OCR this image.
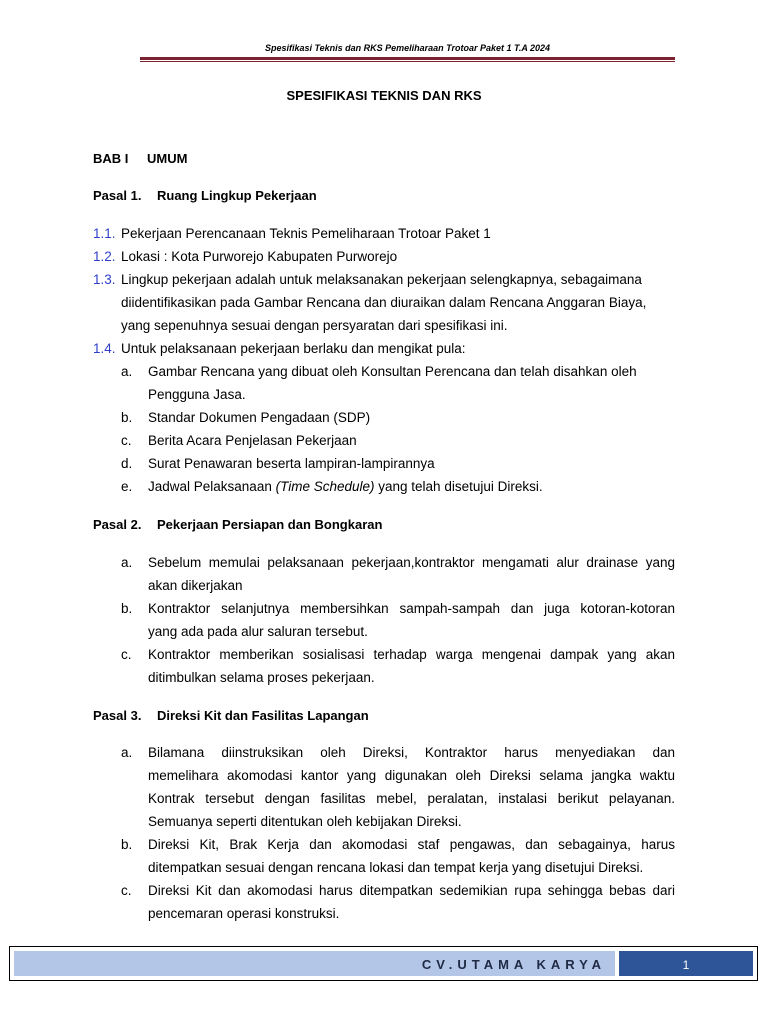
Spesifikasi Teknis dan RKS Pemeliharaan Trotoar Paket 1 T.A 2024
SPESIFIKASI TEKNIS DAN RKS
BAB I UMUM
Pasal 1. Ruang Lingkup Pekerjaan
1.1. Pekerjaan Perencanaan Teknis Pemeliharaan Trotoar Paket 1
1.2. Lokasi : Kota Purworejo Kabupaten Purworejo
1.3. Lingkup pekerjaan adalah untuk melaksanakan pekerjaan selengkapnya, sebagaimana
diidentifikasikan pada Gambar Rencana dan diuraikan dalam Rencana Anggaran Biaya,
yang sepenuhnya sesuai dengan persyaratan dari spesifikasi ini.
1.4. Untuk pelaksanaan pekerjaan berlaku dan mengikat pula:
a. Gambar Rencana yang dibuat oleh Konsultan Perencana dan telah disahkan oleh
Pengguna Jasa.
b. Standar Dokumen Pengadaan (SDP)
c. Berita Acara Penjelasan Pekerjaan
d. Surat Penawaran beserta lampiran-lampirannya
e. Jadwal Pelaksanaan (Time Schedule) yang telah disetujui Direksi.
Pasal 2. Pekerjaan Persiapan dan Bongkaran
a. Sebelum memulai pelaksanaan pekerjaan,kontraktor mengamati alur drainase yang
akan dikerjakan
b. Kontraktor selanjutnya membersihkan sampah-sampah dan juga kotoran-kotoran
yang ada pada alur saluran tersebut.
c. Kontraktor memberikan sosialisasi terhadap warga mengenai dampak yang akan
ditimbulkan selama proses pekerjaan.
Pasal 3. Direksi Kit dan Fasilitas Lapangan
a. Bilamana diinstruksikan oleh Direksi, Kontraktor harus menyediakan dan
memelihara akomodasi kantor yang digunakan oleh Direksi selama jangka waktu
Kontrak tersebut dengan fasilitas mebel, peralatan, instalasi berikut pelayanan.
Semuanya seperti ditentukan oleh kebijakan Direksi.
b. Direksi Kit, Brak Kerja dan akomodasi staf pengawas, dan sebagainya, harus
ditempatkan sesuai dengan rencana lokasi dan tempat kerja yang disetujui Direksi.
c. Direksi Kit dan akomodasi harus ditempatkan sedemikian rupa sehingga bebas dari
pencemaran operasi konstruksi.
CV.UTAMA KARYA	1
